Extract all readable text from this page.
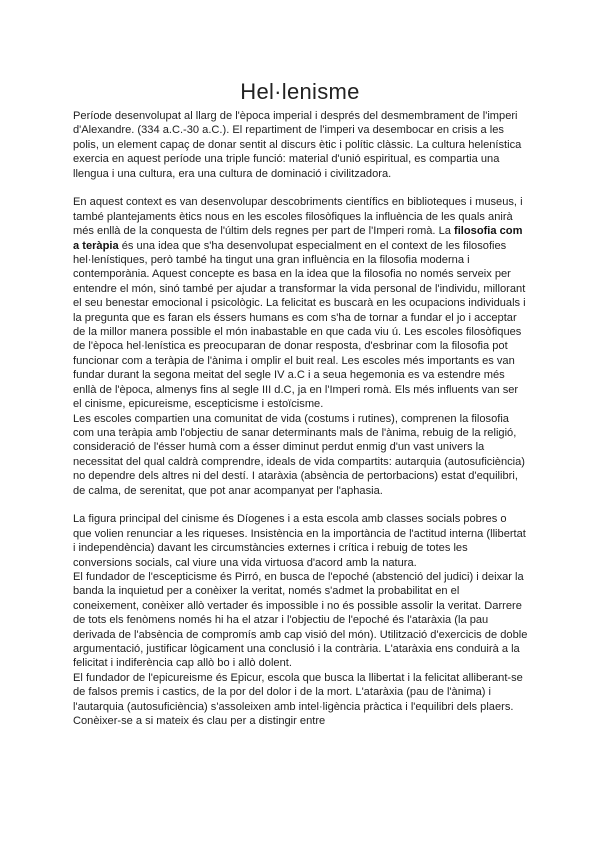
Hel·lenisme

Període desenvolupat al llarg de l'època imperial i després del desmembrament de l'imperi d'Alexandre. (334 a.C.-30 a.C.). El repartiment de l'imperi va desembocar en crisis a les polis, un element capaç de donar sentit al discurs ètic i polític clàssic. La cultura helenística exercia en aquest període una triple funció: material d'unió espiritual, es compartia una llengua i una cultura, era una cultura de dominació i civilitzadora.

En aquest context es van desenvolupar descobriments científics en biblioteques i museus, i també plantejaments ètics nous en les escoles filosòfiques la influència de les quals anirà més enllà de la conquesta de l'últim dels regnes per part de l'Imperi romà. La filosofia com a teràpia és una idea que s'ha desenvolupat especialment en el context de les filosofies hel·lenístiques, però també ha tingut una gran influència en la filosofia moderna i contemporània. Aquest concepte es basa en la idea que la filosofia no només serveix per entendre el món, sinó també per ajudar a transformar la vida personal de l'individu, millorant el seu benestar emocional i psicològic. La felicitat es buscarà en les ocupacions individuals i la pregunta que es faran els éssers humans es com s'ha de tornar a fundar el jo i acceptar de la millor manera possible el món inabastable en que cada viu ú. Les escoles filosòfiques de l'època hel·lenística es preocuparan de donar resposta, d'esbrinar com la filosofia pot funcionar com a teràpia de l'ànima i omplir el buit real. Les escoles més importants es van fundar durant la segona meitat del segle IV a.C i a seua hegemonia es va estendre més enllà de l'època, almenys fins al segle III d.C, ja en l'Imperi romà. Els més influents van ser el cinisme, epicureisme, escepticisme i estoïcisme.

Les escoles compartien una comunitat de vida (costums i rutines), comprenen la filosofia com una teràpia amb l'objectiu de sanar determinants mals de l'ànima, rebuig de la religió, consideració de l'ésser humà com a ésser diminut perdut enmig d'un vast univers la necessitat del qual caldrà comprendre, ideals de vida compartits: autarquia (autosuficiència) no dependre dels altres ni del destí. I ataràxia (absència de pertorbacions) estat d'equilibri, de calma, de serenitat, que pot anar acompanyat per l'aphasia.

La figura principal del cinisme és Díogenes i a esta escola amb classes socials pobres o que volien renunciar a les riqueses. Insistència en la importància de l'actitud interna (llibertat i independència) davant les circumstàncies externes i crítica i rebuig de totes les conversions socials, cal viure una vida virtuosa d'acord amb la natura.

El fundador de l'escepticisme és Pirró, en busca de l'epoché (abstenció del judici) i deixar la banda la inquietud per a conèixer la veritat, només s'admet la probabilitat en el coneixement, conèixer allò vertader és impossible i no és possible assolir la veritat. Darrere de tots els fenòmens només hi ha el atzar i l'objectiu de l'epoché és l'ataràxia (la pau derivada de l'absència de compromís amb cap visió del món). Utilització d'exercicis de doble argumentació, justificar lògicament una conclusió i la contrària. L'ataràxia ens conduirà a la felicitat i indiferència cap allò bo i allò dolent.

El fundador de l'epicureisme és Epicur, escola que busca la llibertat i la felicitat alliberant-se de falsos premis i castics, de la por del dolor i de la mort. L'ataràxia (pau de l'ànima) i l'autarquia (autosuficiència) s'assoleixen amb intel·ligència pràctica i l'equilibri dels plaers. Conèixer-se a si mateix és clau per a distingir entre
